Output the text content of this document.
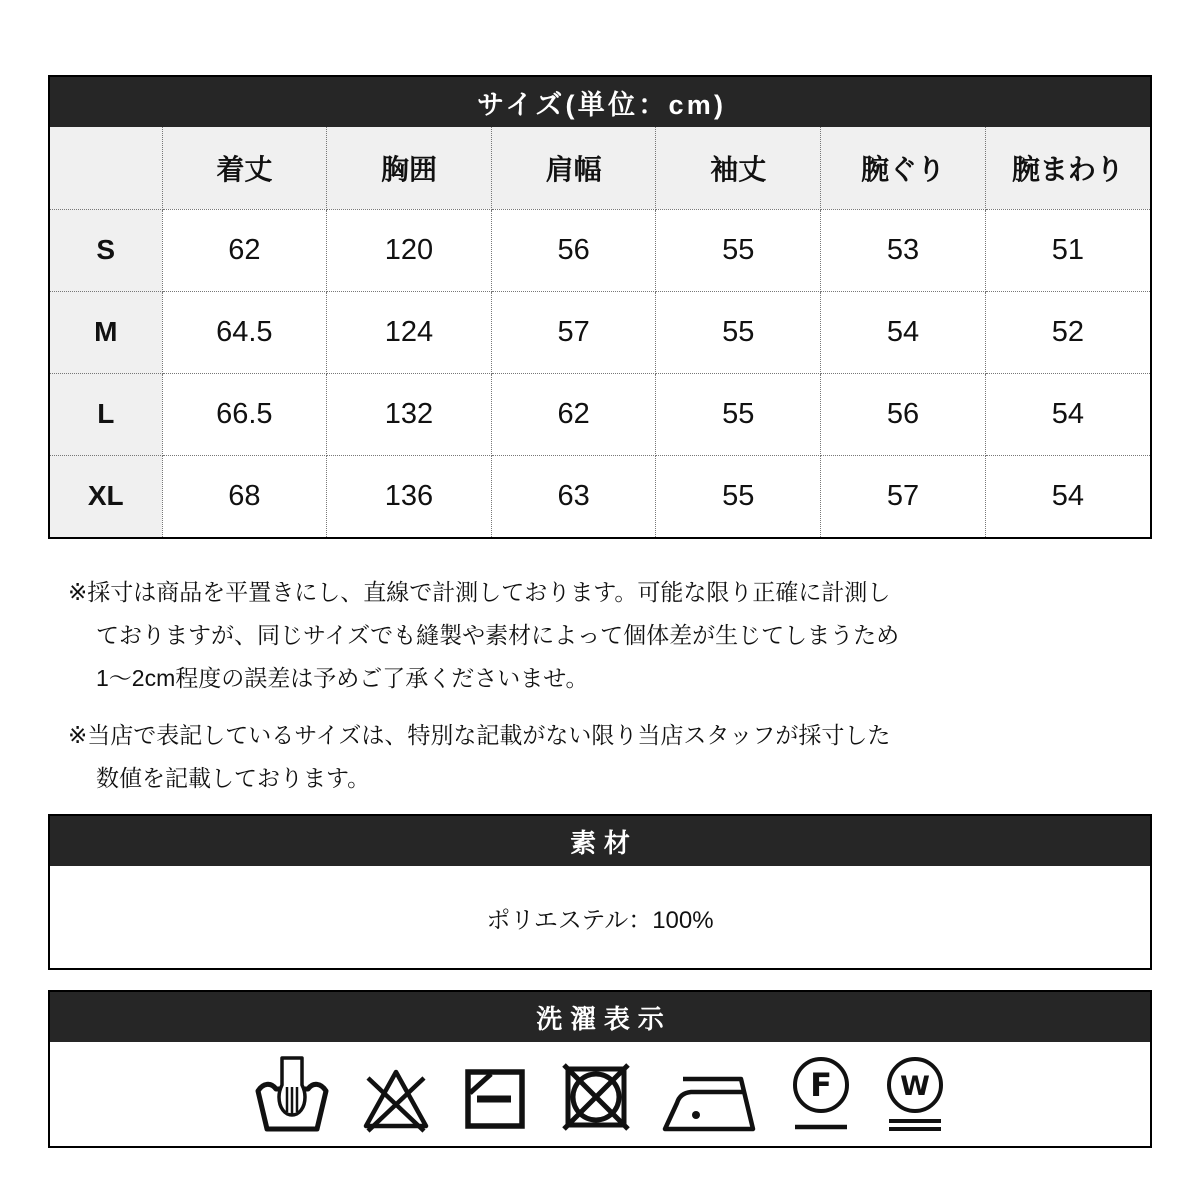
サイズ(単位：cm)
	着丈	胸囲	肩幅	袖丈	腕ぐり	腕まわり
S	62	120	56	55	53	51
M	64.5	124	57	55	54	52
L	66.5	132	62	55	56	54
XL	68	136	63	55	57	54
※採寸は商品を平置きにし、直線で計測しております。可能な限り正確に計測し
ておりますが、同じサイズでも縫製や素材によって個体差が生じてしまうため
1〜2cm程度の誤差は予めご了承くださいませ。
※当店で表記しているサイズは、特別な記載がない限り当店スタッフが採寸した
数値を記載しております。
素材
ポリエステル：100%
洗濯表示
F	W
